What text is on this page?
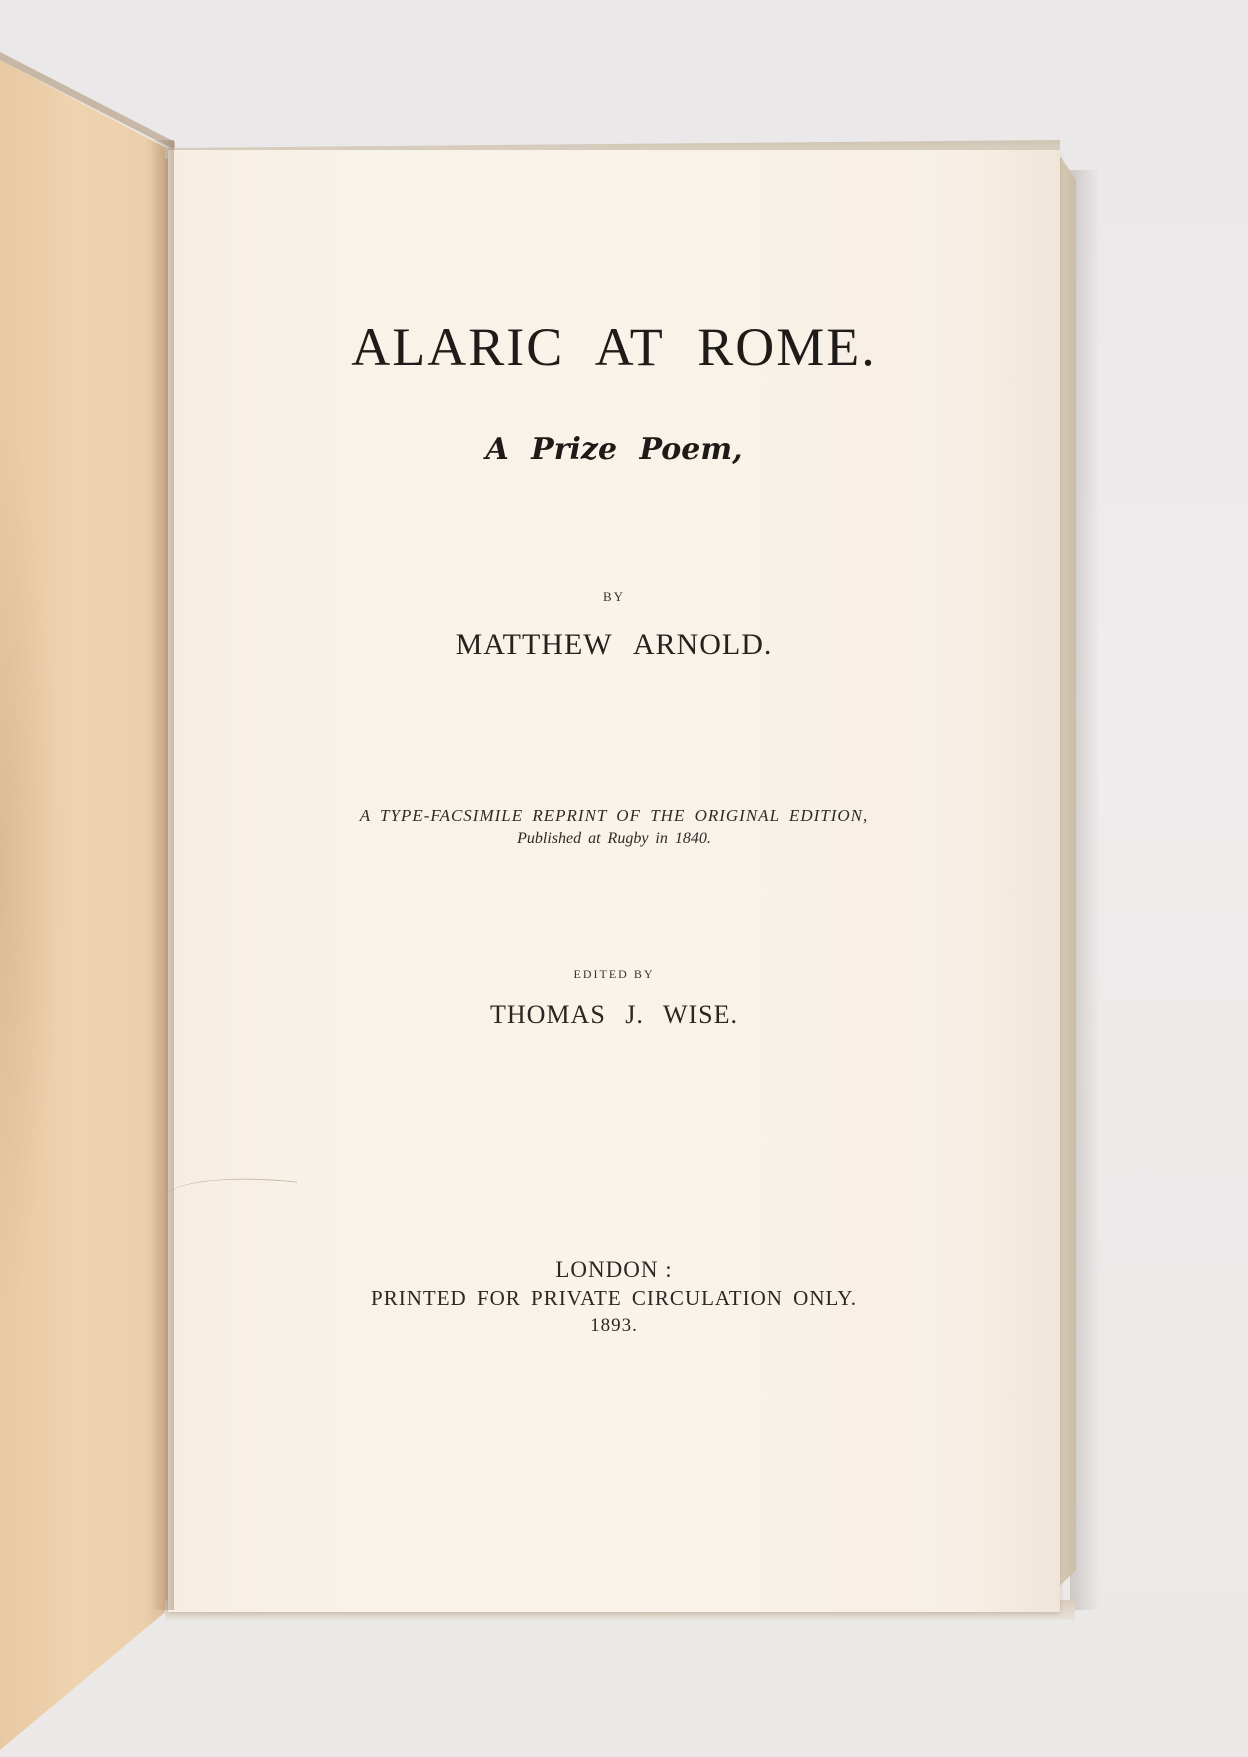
ALARIC AT ROME.
A Prize Poem,
BY
MATTHEW ARNOLD.
A TYPE-FACSIMILE REPRINT OF THE ORIGINAL EDITION,
Published at Rugby in 1840.
EDITED BY
THOMAS J. WISE.
LONDON :
PRINTED FOR PRIVATE CIRCULATION ONLY.
1893.
